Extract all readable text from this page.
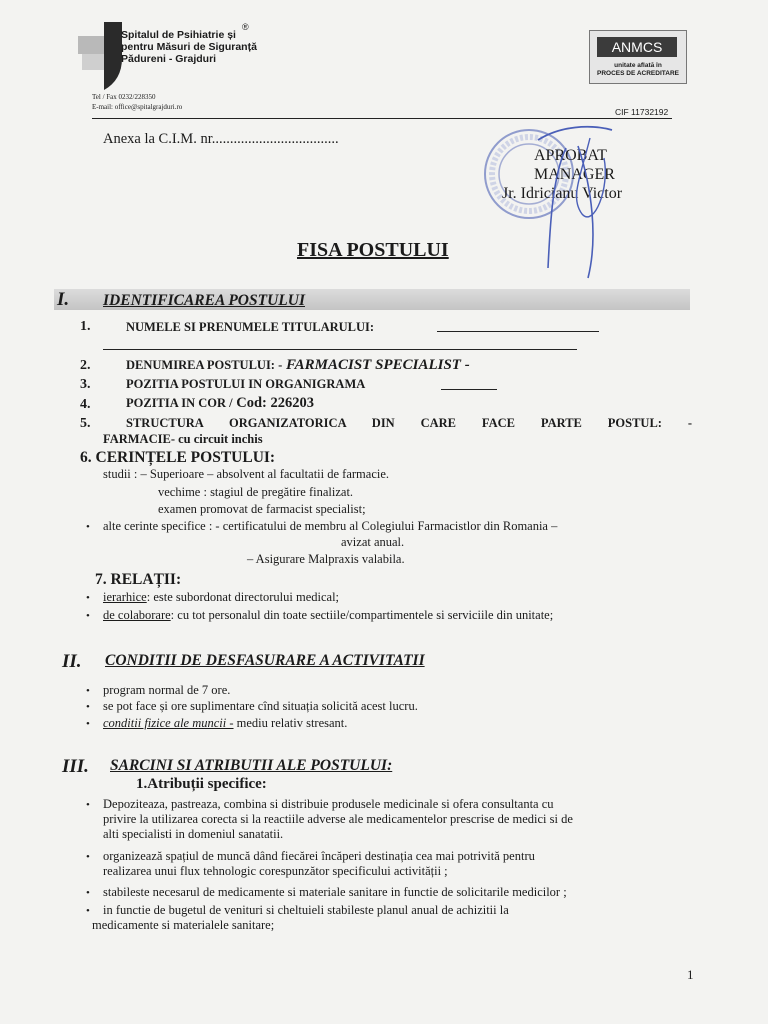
Spitalul de Psihiatrie și
pentru Măsuri de Siguranță
Pădureni - Grajduri
®
Tel / Fax 0232/228350
E-mail: office@spitalgrajduri.ro
ANMCS
unitate aflată în
PROCES DE ACREDITARE
CIF 11732192
Anexa la C.I.M. nr...................................
APROBAT
MANAGER
Jr. Idricianu Victor
FISA POSTULUI
I. IDENTIFICAREA POSTULUI
1.	NUMELE SI PRENUMELE TITULARULUI:
2.	DENUMIREA POSTULUI: - FARMACIST SPECIALIST -
3.	POZITIA POSTULUI IN ORGANIGRAMA
4.	POZITIA IN COR / Cod: 226203
5.	STRUCTURA ORGANIZATORICA DIN CARE FACE PARTE POSTUL: -
FARMACIE- cu circuit inchis
6. CERINȚELE POSTULUI:
studii : – Superioare – absolvent al facultatii de farmacie.
vechime : stagiul de pregătire finalizat.
examen promovat de farmacist specialist;
• alte cerinte specifice : - certificatului de membru al Colegiului Farmacistlor din Romania –
avizat anual.
– Asigurare Malpraxis valabila.
7. RELAȚII:
• ierarhice: este subordonat directorului medical;
• de colaborare: cu tot personalul din toate sectiile/compartimentele si serviciile din unitate;
II. CONDITII DE DESFASURARE A ACTIVITATII
• program normal de 7 ore.
• se pot face și ore suplimentare cînd situația solicită acest lucru.
• conditii fizice ale muncii - mediu relativ stresant.
III. SARCINI SI ATRIBUTII ALE POSTULUI:
1.Atribuții specifice:
• Depoziteaza, pastreaza, combina si distribuie produsele medicinale si ofera consultanta cu
privire la utilizarea corecta si la reactiile adverse ale medicamentelor prescrise de medici si de
alti specialisti in domeniul sanatatii.
• organizează spațiul de muncă dând fiecărei încăperi destinația cea mai potrivită pentru
realizarea unui flux tehnologic corespunzător specificului activității ;
• stabileste necesarul de medicamente si materiale sanitare in functie de solicitarile medicilor ;
• in functie de bugetul de venituri si cheltuieli stabileste planul anual de achizitii la
medicamente si materialele sanitare;
1
